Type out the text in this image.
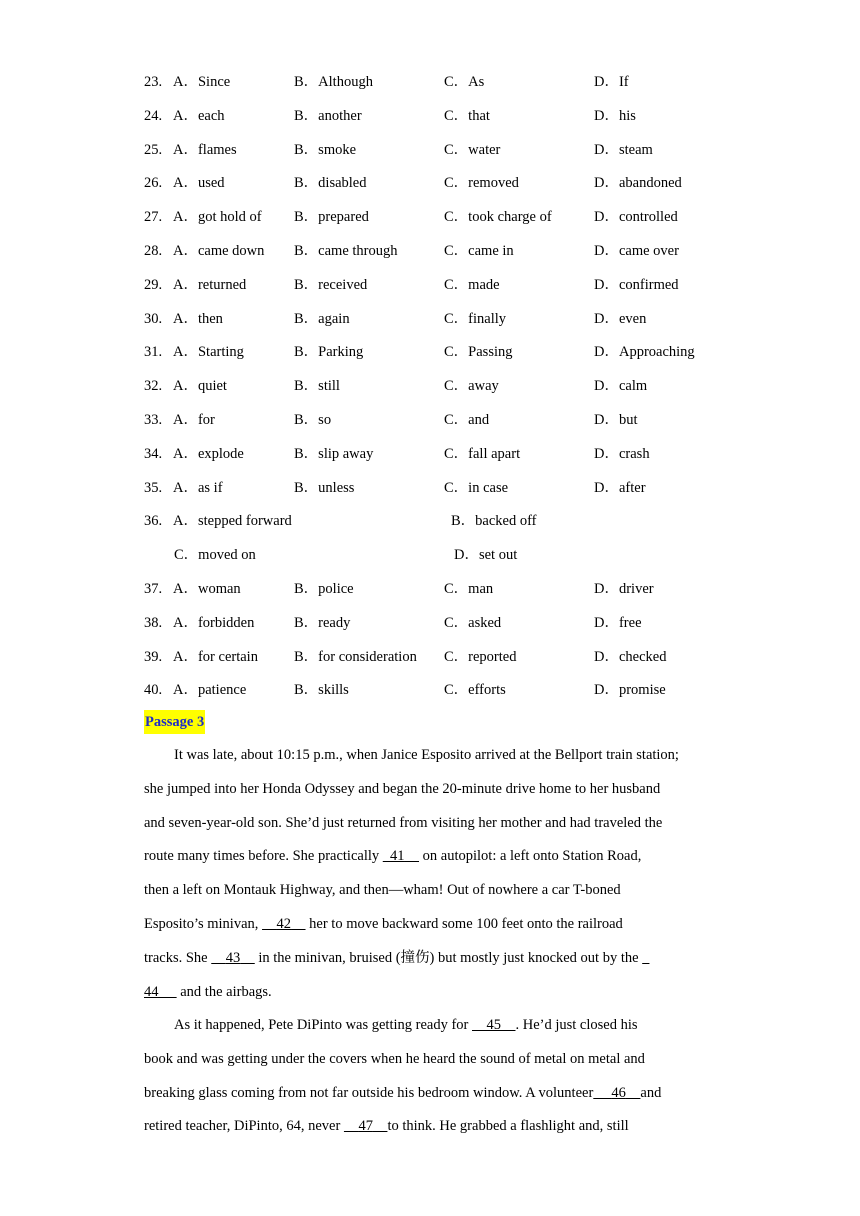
23. A．Since	B．Although	C．As	D．If
24. A．each	B．another	C．that	D．his
25. A．flames	B．smoke	C．water	D．steam
26. A．used	B．disabled	C．removed	D．abandoned
27. A．got hold of B．prepared	C．took charge of	D．controlled
28. A．came down B．came through	C．came in	D．came over
29. A．returned	B．received	C．made	D．confirmed
30. A．then	B．again	C．finally	D．even
31. A．Starting	B．Parking	C．Passing	D．Approaching
32. A．quiet	B．still	C．away	D．calm
33. A．for	B．so	C．and	D．but
34. A．explode	B．slip away	C．fall apart	D．crash
35. A．as if	B．unless	C．in case	D．after
36. A．stepped forward	B．backed off
C．moved on	D．set out
37. A．woman	B．police	C．man	D．driver
38. A．forbidden	B．ready	C．asked	D．free
39. A．for certain B．for consideration C．reported	D．checked
40. A．patience	B．skills	C．efforts	D．promise
Passage 3
It was late, about 10:15 p.m., when Janice Esposito arrived at the Bellport train station;
she jumped into her Honda Odyssey and began the 20-minute drive home to her husband
and seven-year-old son. She’d just returned from visiting her mother and had traveled the
route many times before. She practically   41     on autopilot: a left onto Station Road,
then a left on Montauk Highway, and then—wham! Out of nowhere a car T-boned
Esposito’s minivan,     42     her to move backward some 100 feet onto the railroad
tracks. She     43     in the minivan, bruised (撞伤) but mostly just knocked out by the
44      and the airbags.
As it happened, Pete DiPinto was getting ready for     45 . He’d just closed his
book and was getting under the covers when he heard the sound of metal on metal and
breaking glass coming from not far outside his bedroom window. A volunteer 46 and
retired teacher, DiPinto, 64, never     47 to think. He grabbed a flashlight and, still
